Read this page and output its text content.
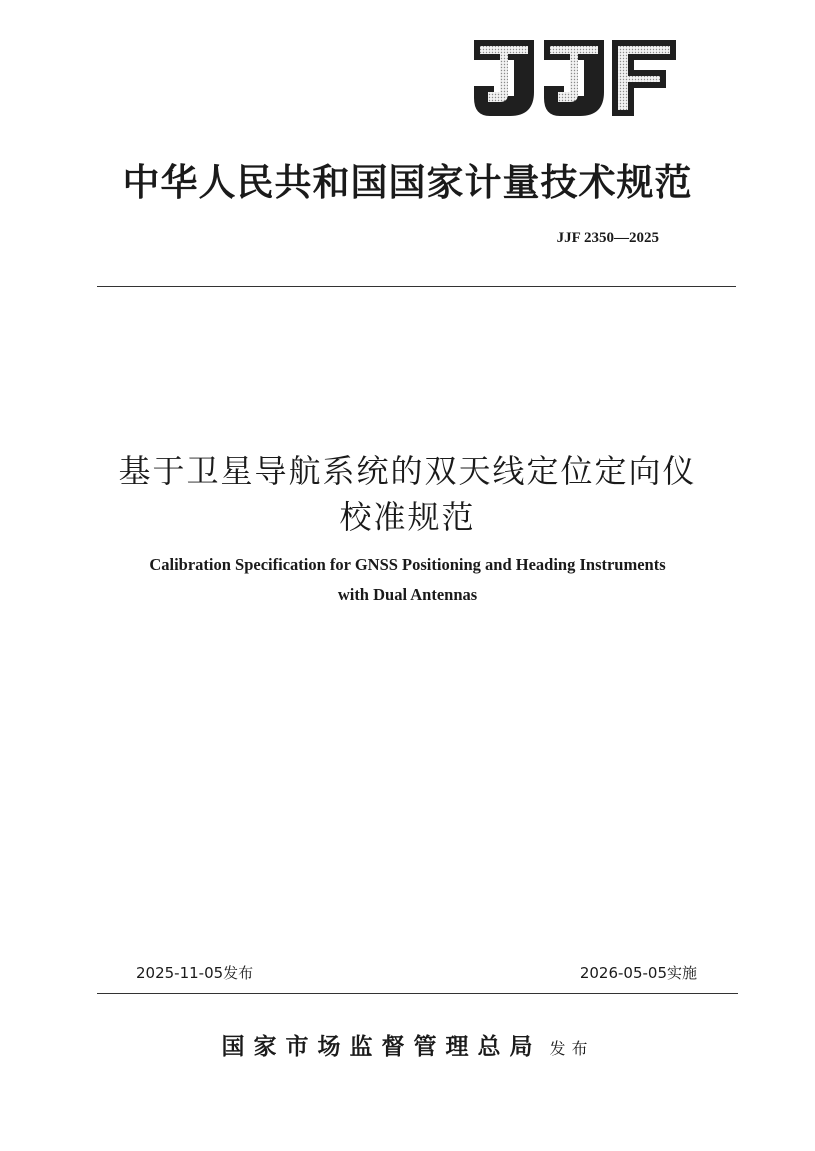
中华人民共和国国家计量技术规范
JJF 2350—2025
基于卫星导航系统的双天线定位定向仪
校准规范
Calibration Specification for GNSS Positioning and Heading Instruments
with Dual Antennas
2025-11-05发布	2026-05-05实施
国家市场监督管理总局 发布
